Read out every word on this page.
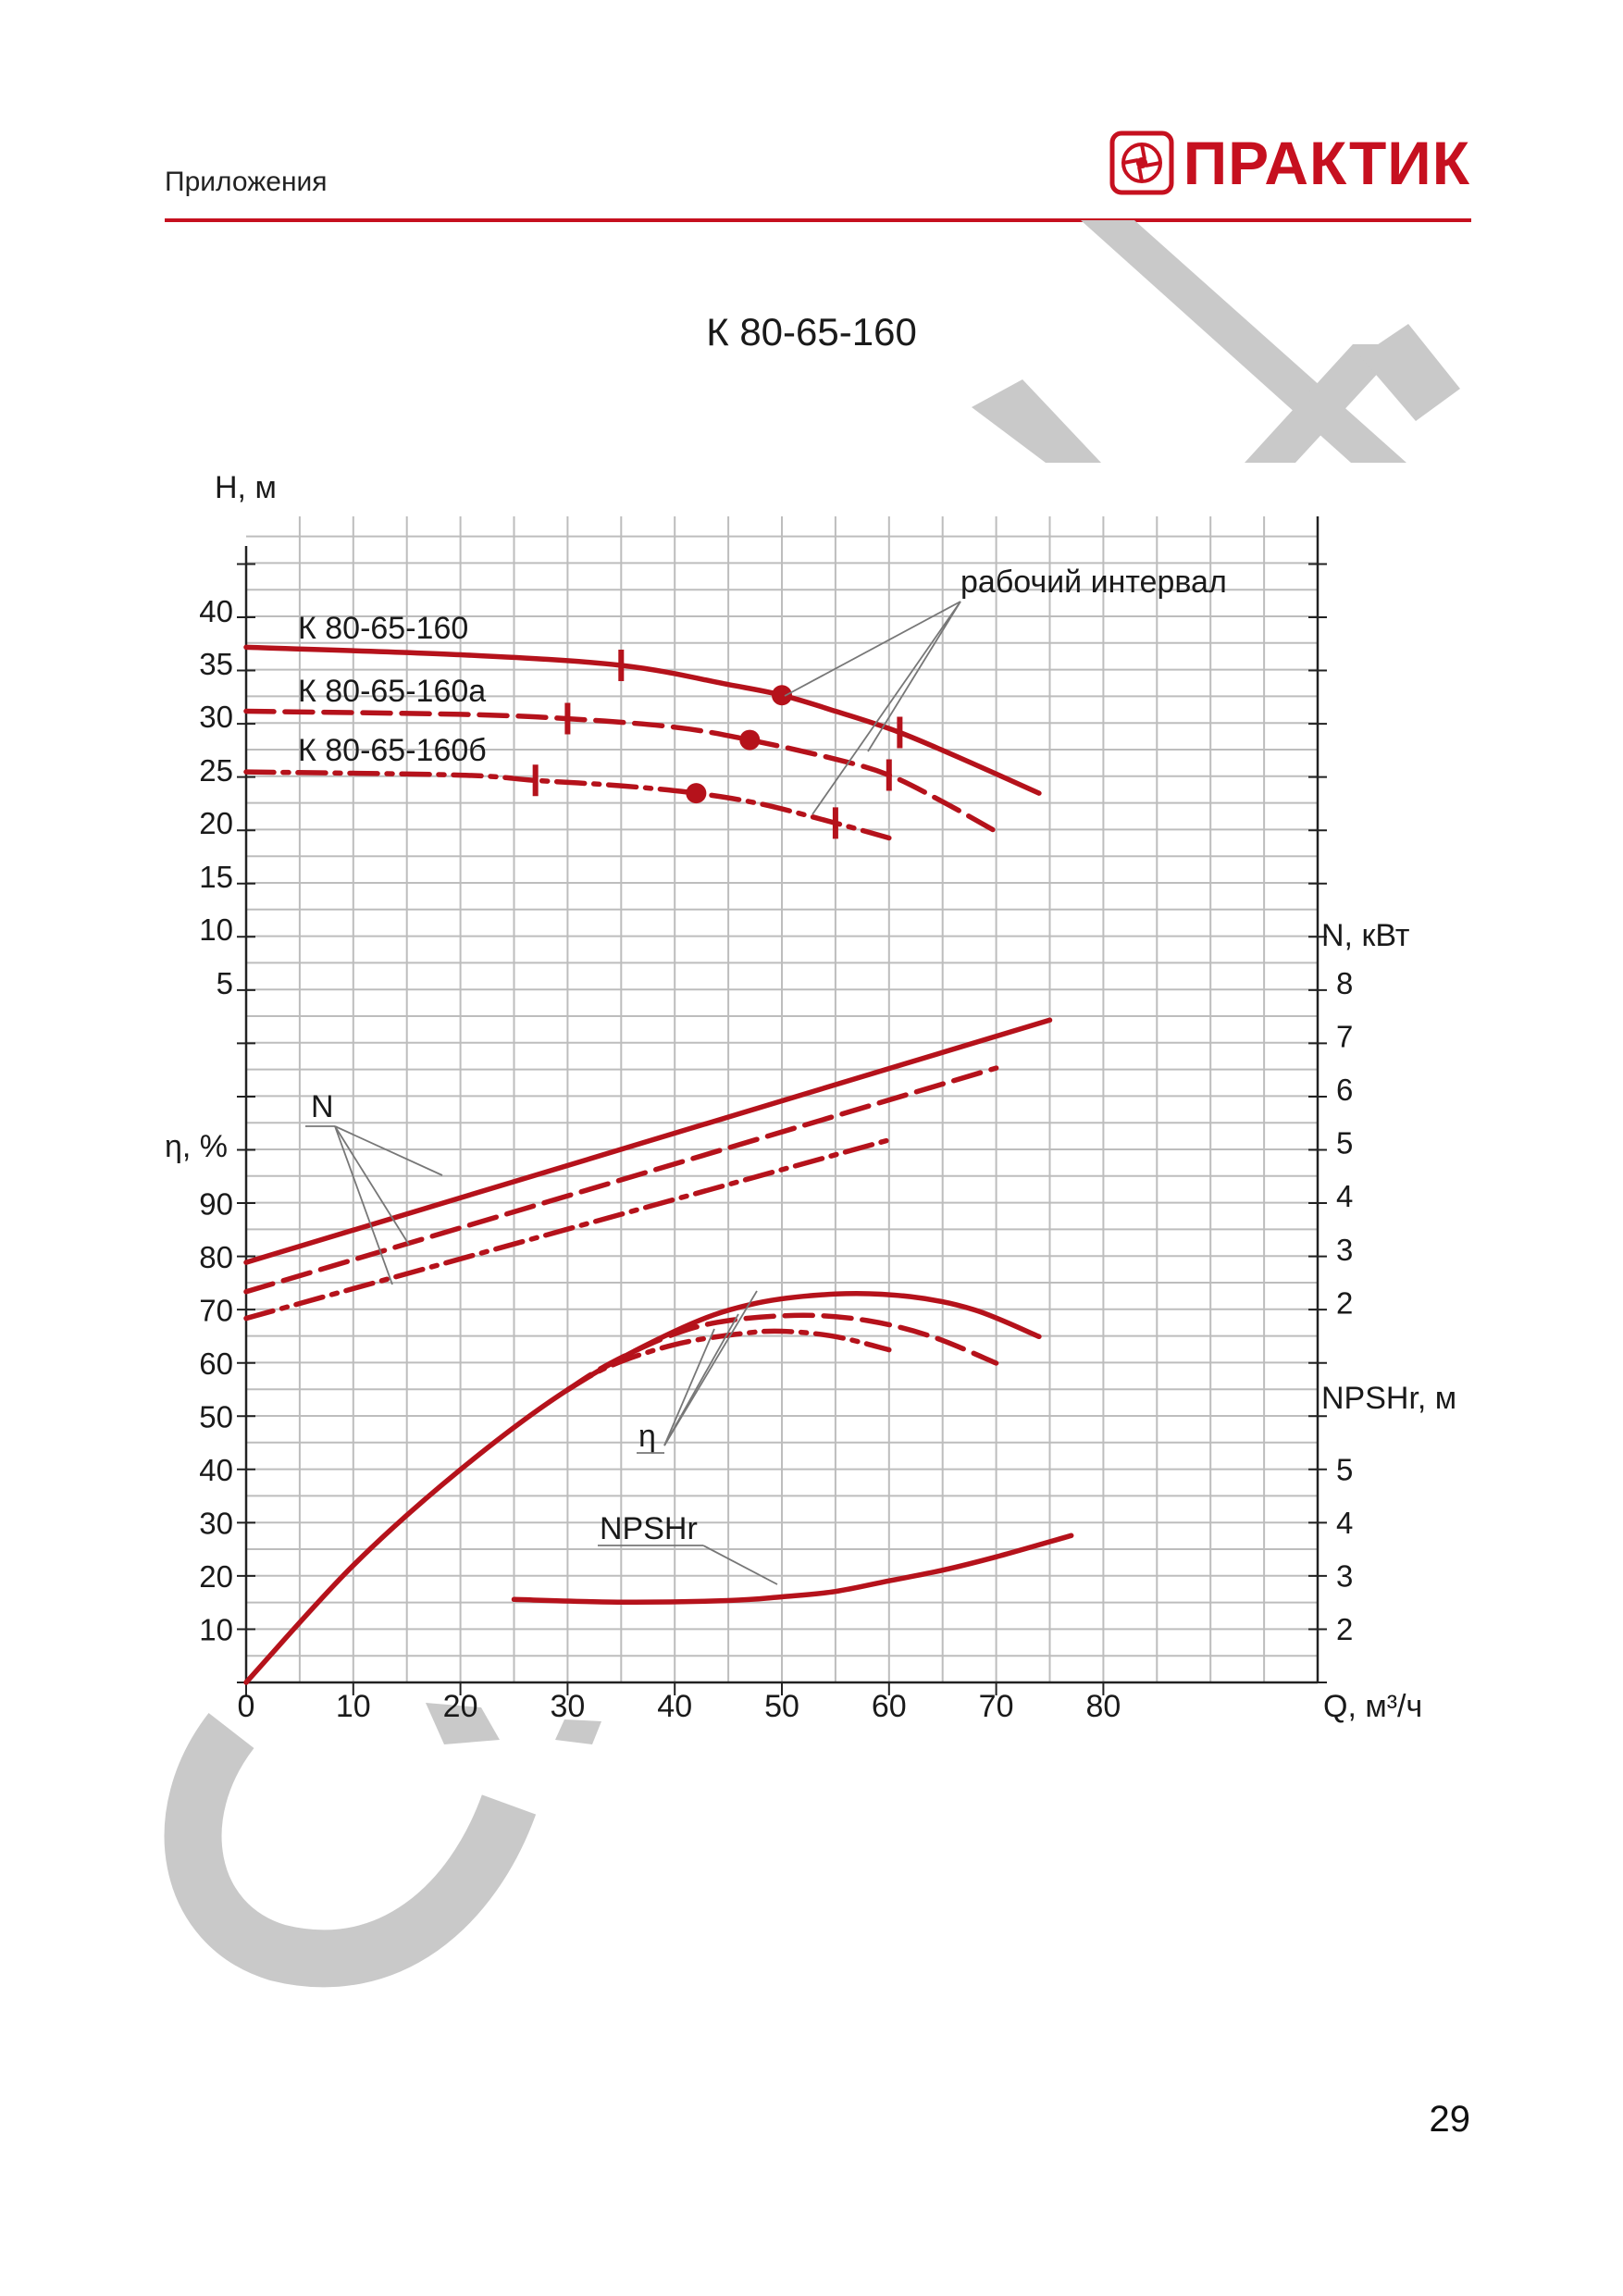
Приложения	ПРАКТИК
К 80-65-160
0	10 20 30 40 50 60 70 80	Q, м³/ч
5
10
15
20
25
30
35
40
H, м
10
20
30
40
50
60
70
80
90
η, %
2
3
4
5
6
7
8
N, кВт
2
3
4
5
NPSHr, м
К 80-65-160
К 80-65-160а
К 80-65-160б
рабочий интервал
N
η
NPSHr
29
